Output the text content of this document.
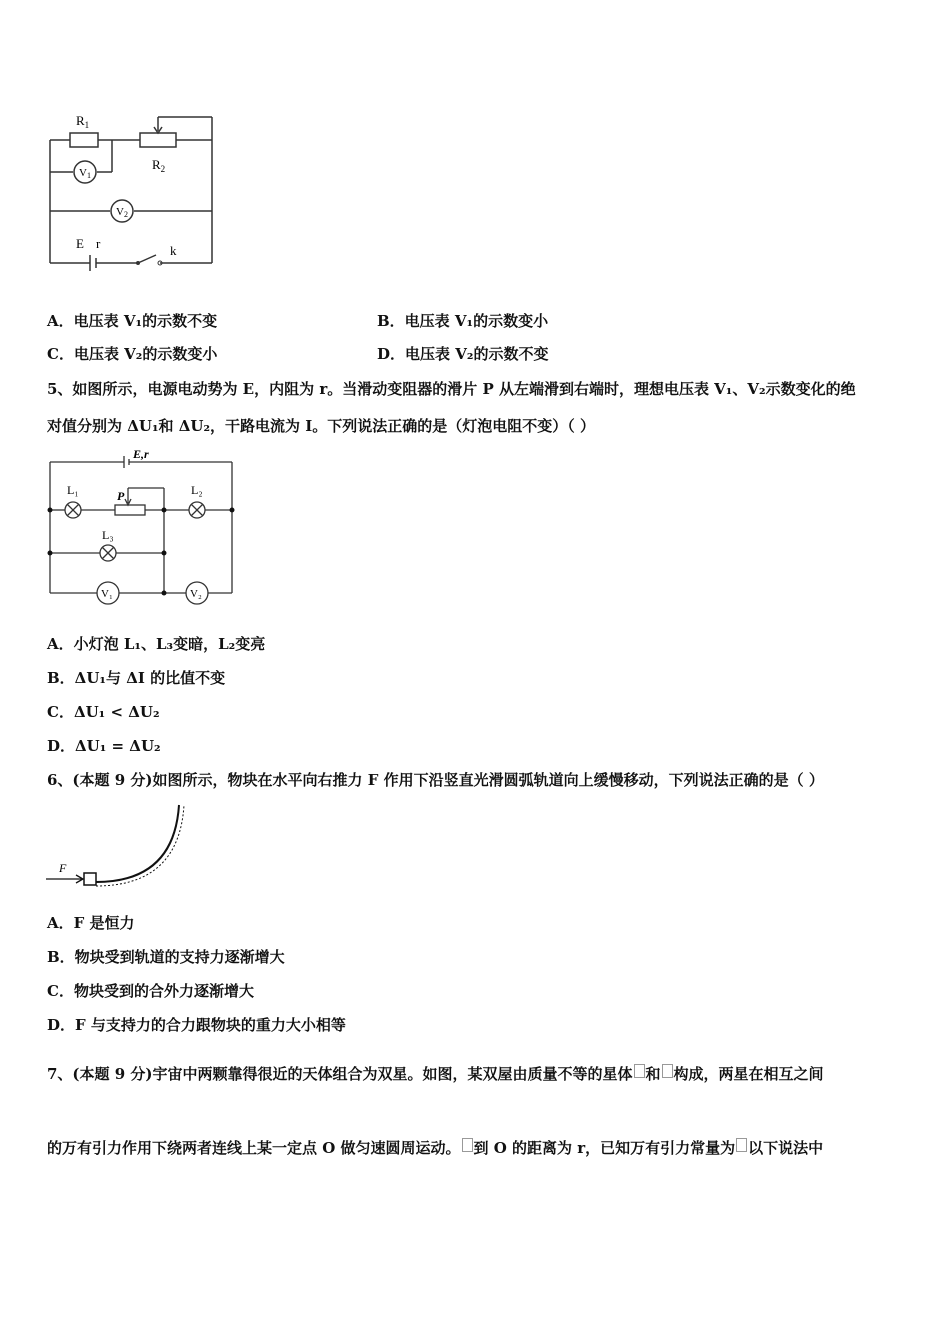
$R_1$
$R_2$
V1
V2
E r	k
A．电压表 V₁的示数不变	B．电压表 V₁的示数变小
C．电压表 V₂的示数变小	D．电压表 V₂的示数不变
5、如图所示，电源电动势为 E，内阻为 r。当滑动变阻器的滑片 P 从左端滑到右端时，理想电压表 V₁、V₂示数变化的绝
对值分别为 ΔU₁和 ΔU₂，干路电流为 I。下列说法正确的是（灯泡电阻不变）（ ）
E,r
L₁	P	L₂
L₃
V₁	V₂
A．小灯泡 L₁、L₃变暗，L₂变亮
B．ΔU₁与 ΔI 的比值不变
C．ΔU₁ < ΔU₂
D．ΔU₁ = ΔU₂
6、(本题 9 分)如图所示，物块在水平向右推力 F 作用下沿竖直光滑圆弧轨道向上缓慢移动，下列说法正确的是（ ）
F
A．F 是恒力
B．物块受到轨道的支持力逐渐增大
C．物块受到的合外力逐渐增大
D．F 与支持力的合力跟物块的重力大小相等
7、(本题 9 分)宇宙中两颗靠得很近的天体组合为双星。如图，某双屋由质量不等的星体 和 构成，两星在相互之间
的万有引力作用下绕两者连线上某一定点 O 做匀速圆周运动。 到 O 的距离为 r，已知万有引力常量为 以下说法中
